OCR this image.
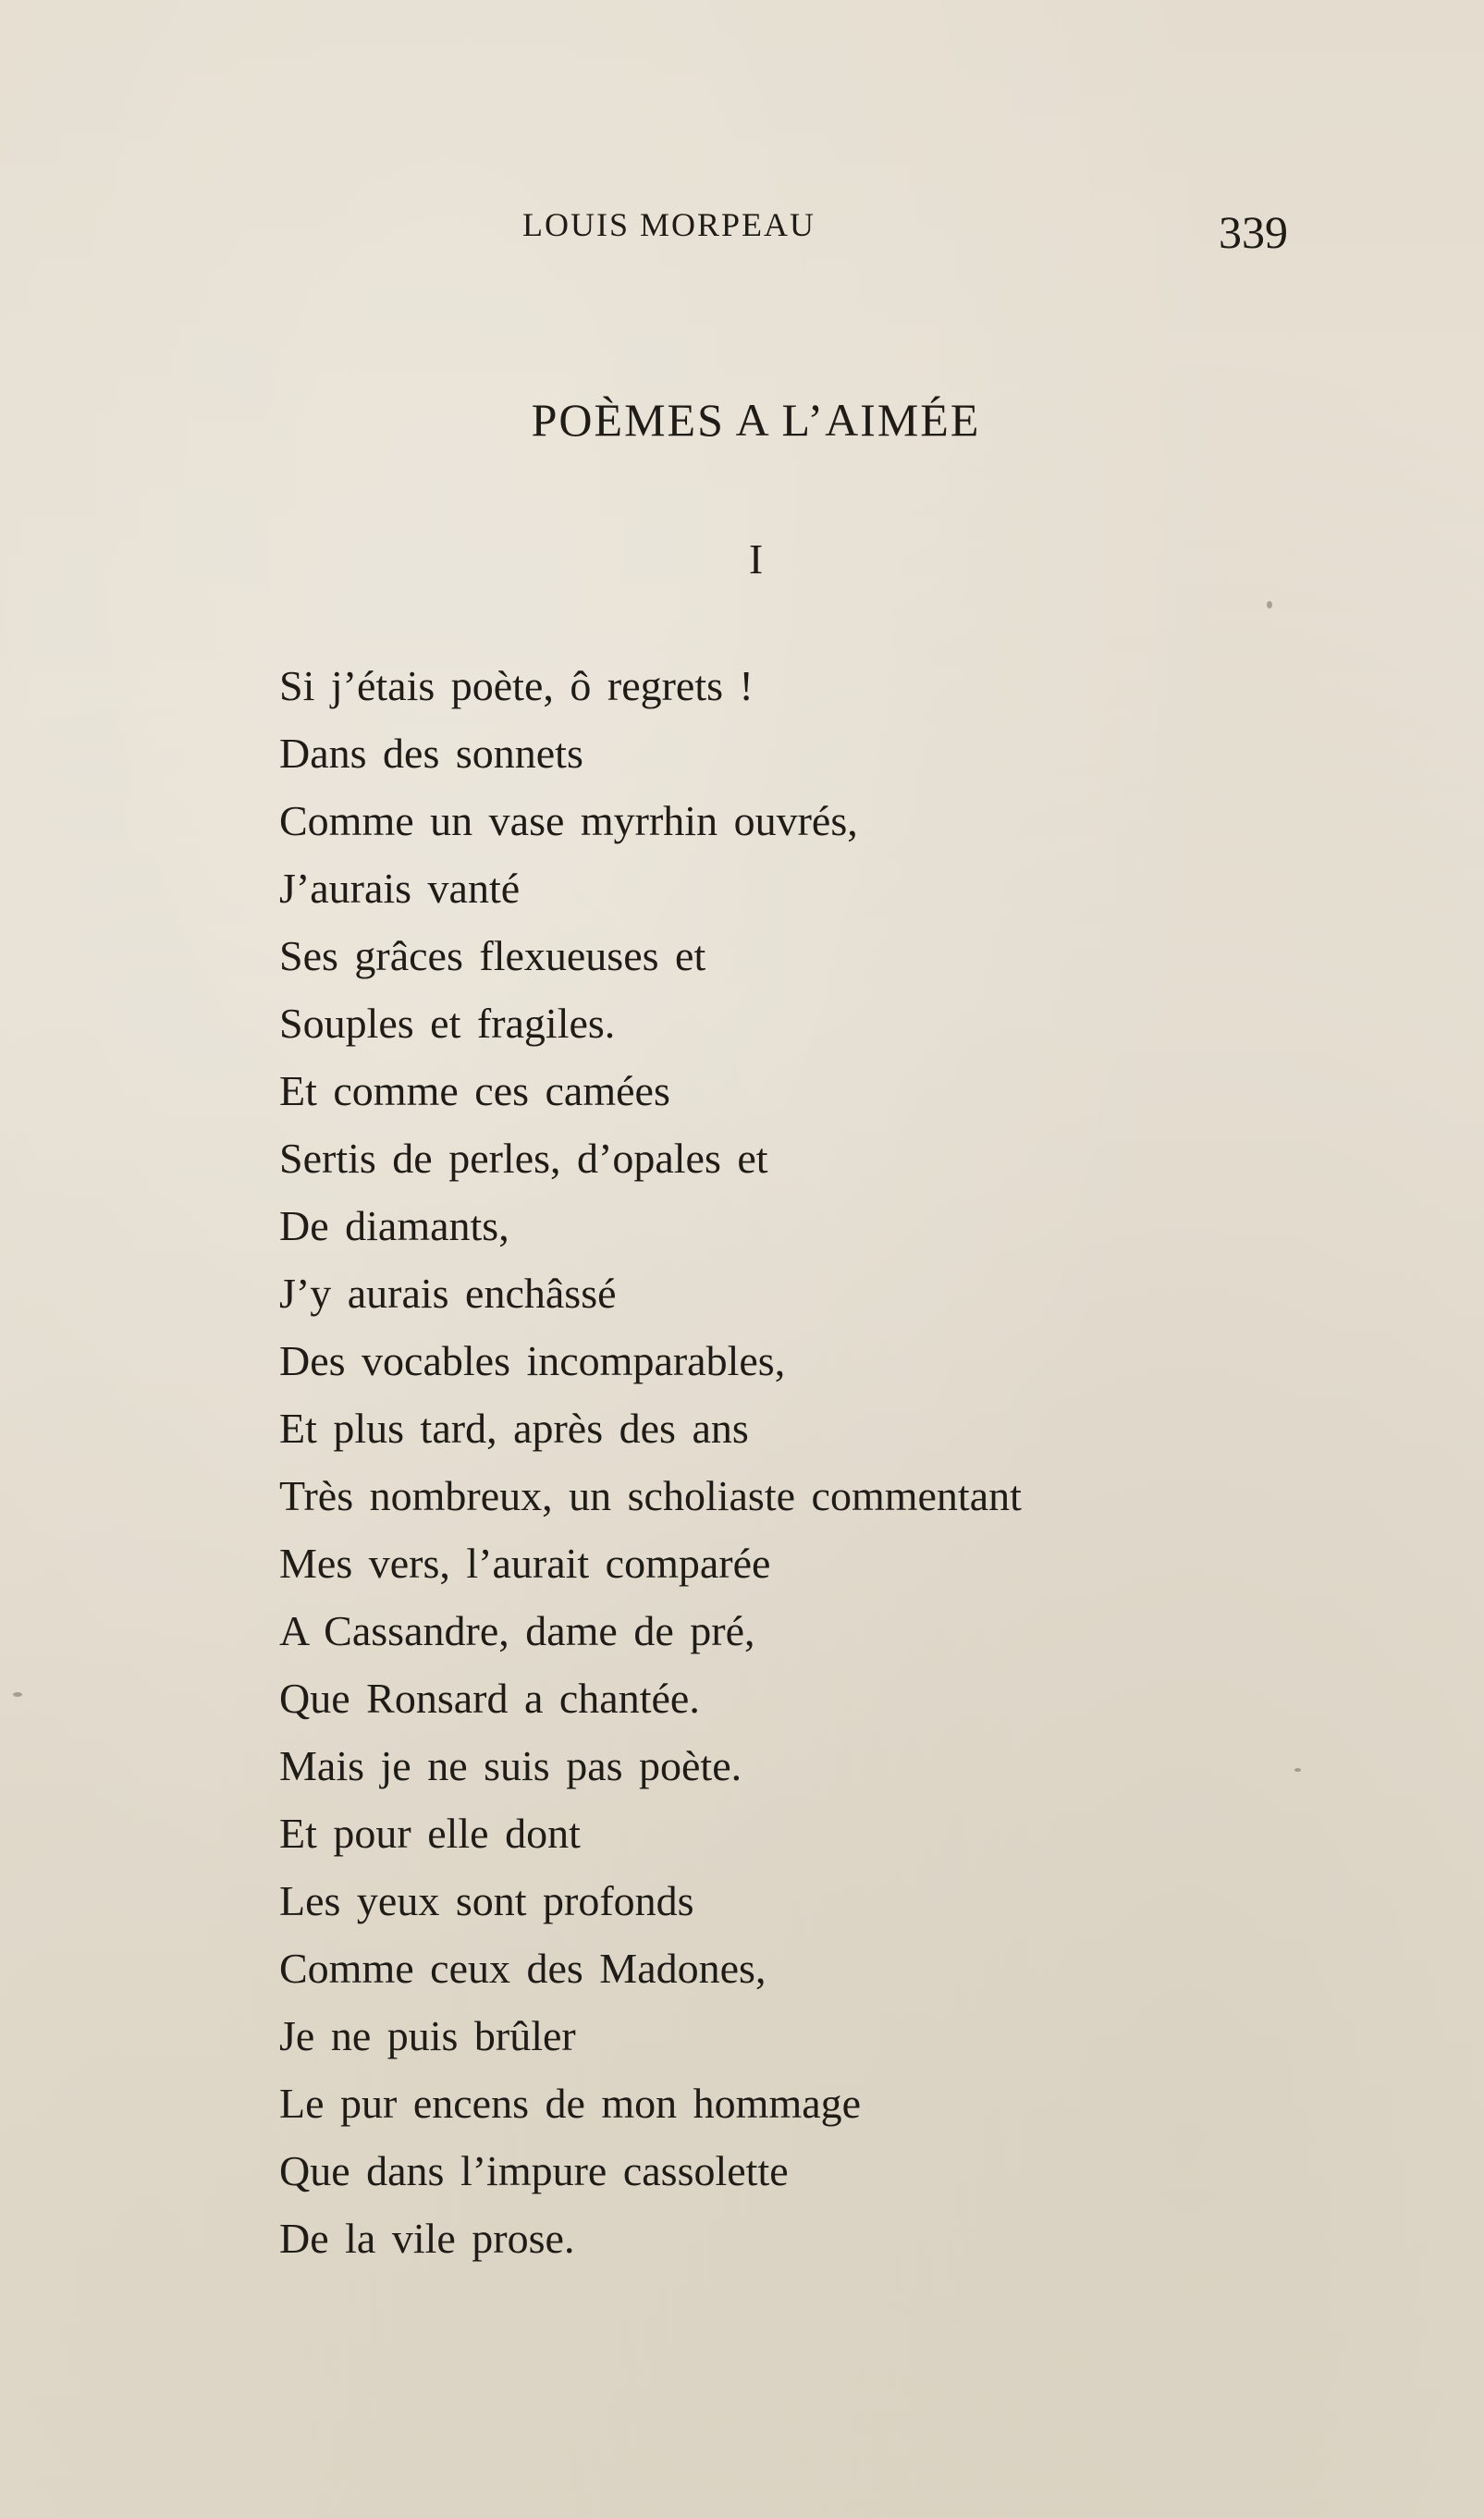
LOUIS MORPEAU	339
POÈMES A L’AIMÉE
I
Si j’étais poète, ô regrets !
Dans des sonnets
Comme un vase myrrhin ouvrés,
J’aurais vanté
Ses grâces flexueuses et
Souples et fragiles.
Et comme ces camées
Sertis de perles, d’opales et
De diamants,
J’y aurais enchâssé
Des vocables incomparables,
Et plus tard, après des ans
Très nombreux, un scholiaste commentant
Mes vers, l’aurait comparée
A Cassandre, dame de pré,
Que Ronsard a chantée.
Mais je ne suis pas poète.
Et pour elle dont
Les yeux sont profonds
Comme ceux des Madones,
Je ne puis brûler
Le pur encens de mon hommage
Que dans l’impure cassolette
De la vile prose.
